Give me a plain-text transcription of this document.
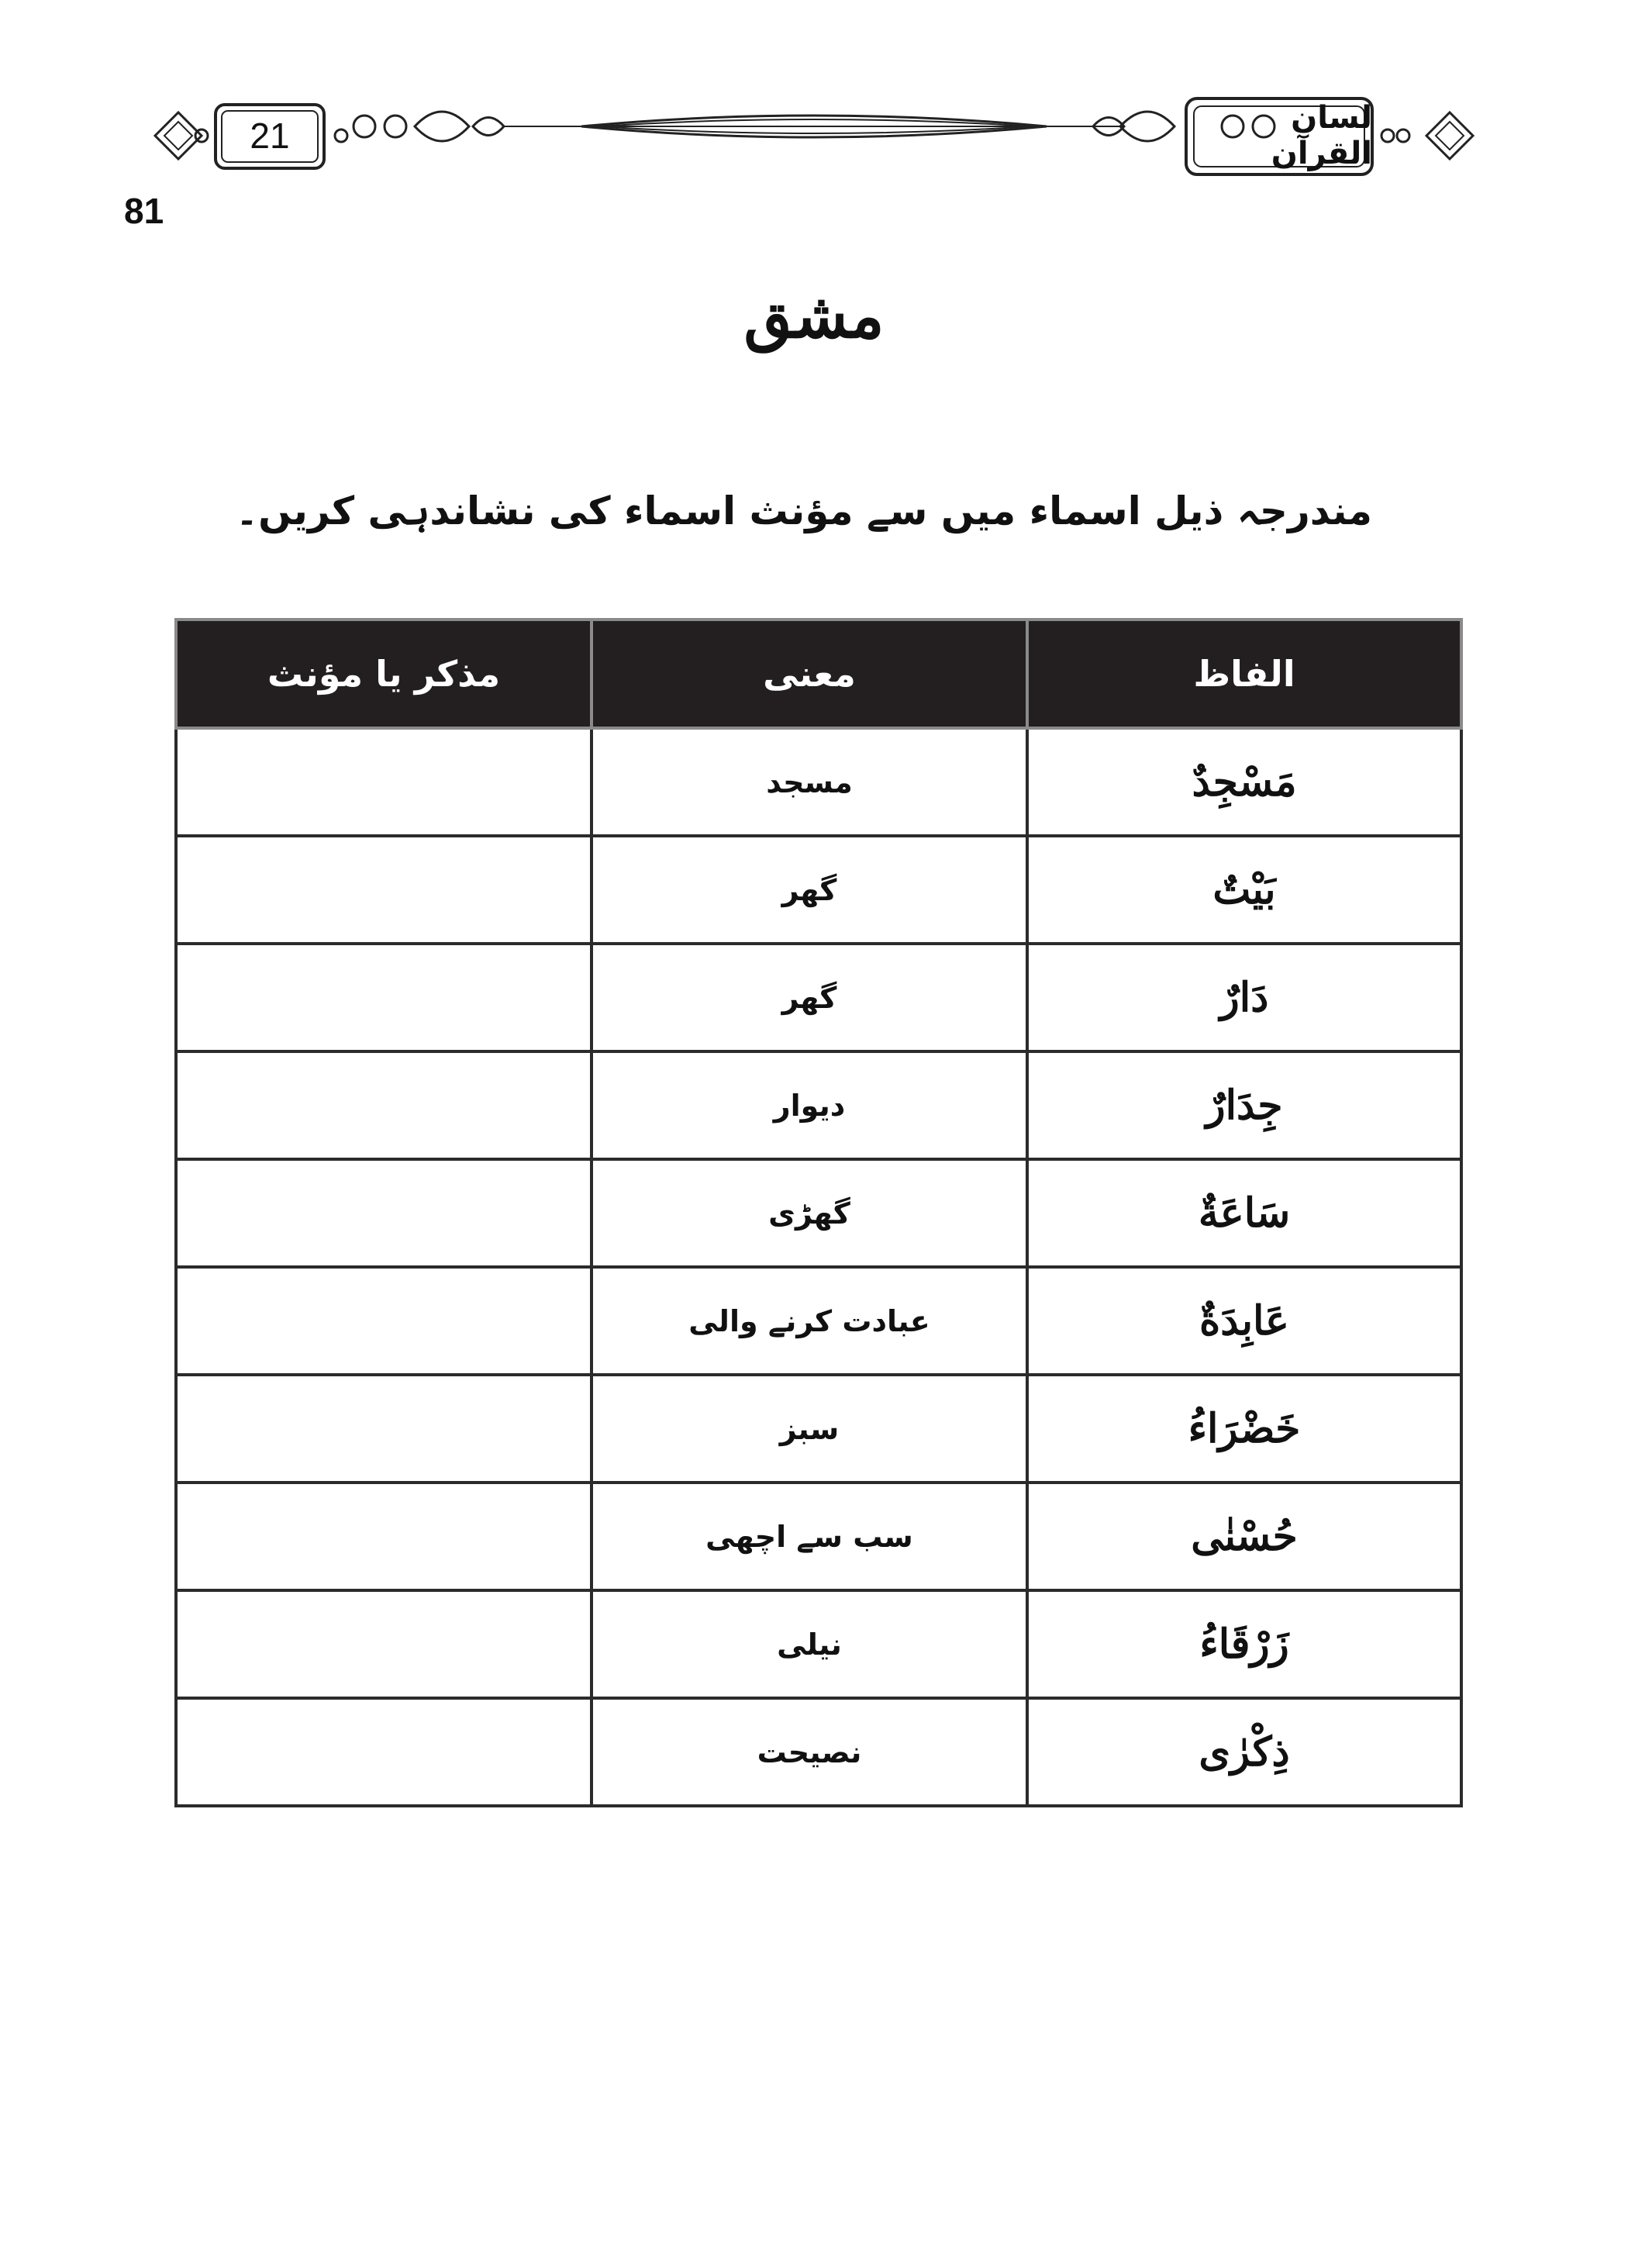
21	لسان القرآن
81
مشق
مندرجہ ذیل اسماء میں سے مؤنث اسماء کی نشاندہی کریں۔
الفاظ	معنی	مذکر یا مؤنث
مَسْجِدٌ	مسجد	
بَيْتٌ	گھر	
دَارٌ	گھر	
جِدَارٌ	دیوار	
سَاعَةٌ	گھڑی	
عَابِدَةٌ	عبادت کرنے والی	
خَضْرَاءُ	سبز	
حُسْنٰى	سب سے اچھی	
زَرْقَاءُ	نیلی	
ذِكْرٰى	نصیحت	
